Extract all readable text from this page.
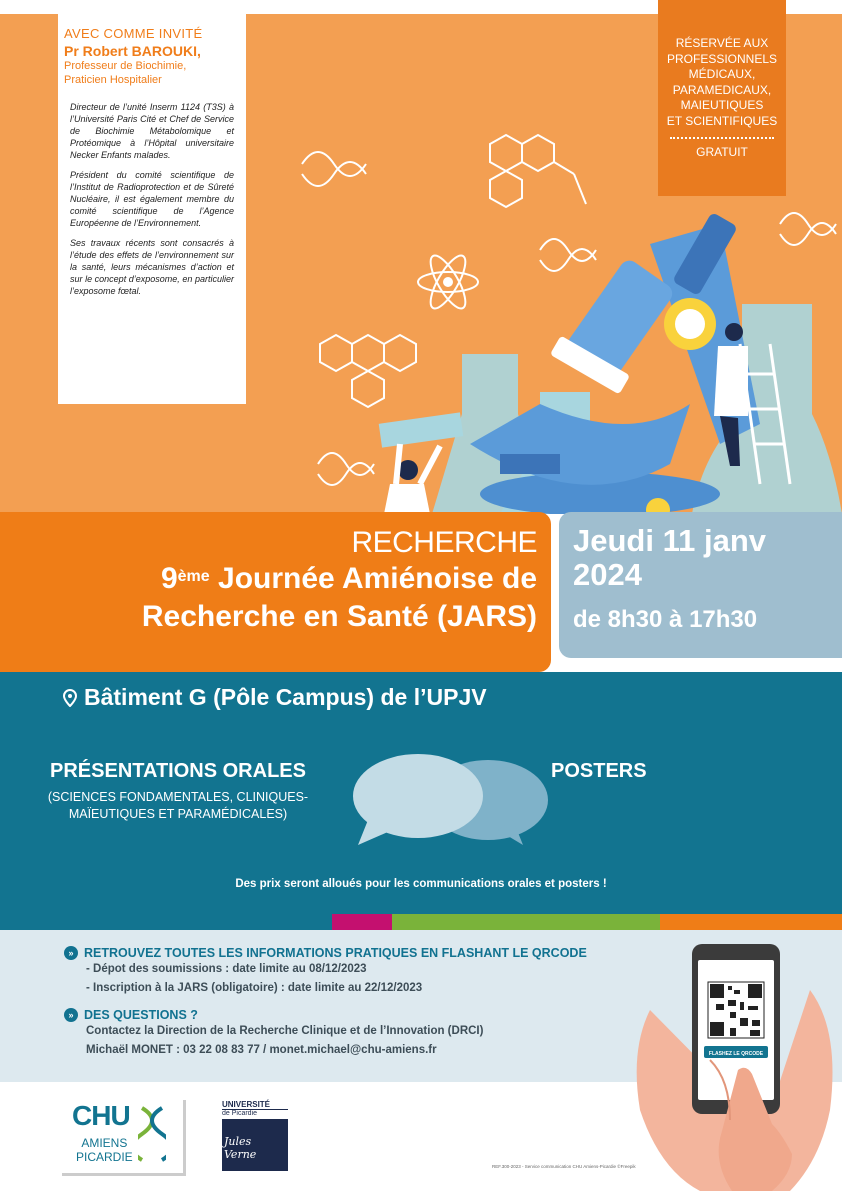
AVEC COMME INVITÉ
Pr Robert BAROUKI,
Professeur de Biochimie,
Praticien Hospitalier

Directeur de l’unité Inserm 1124 (T3S) à l’Université Paris Cité et Chef de Service de Biochimie Métabolomique et Protéomique à l’Hôpital universitaire Necker Enfants malades.

Président du comité scientifique de l’Institut de Radioprotection et de Sûreté Nucléaire, il est également membre du comité scientifique de l’Agence Européenne de l’Environnement.

Ses travaux récents sont consacrés à l’étude des effets de l’environnement sur la santé, leurs mécanismes d’action et sur le concept d’exposome, en particulier l’exposome fœtal.

RÉSERVÉE AUX
PROFESSIONNELS
MÉDICAUX,
PARAMEDICAUX,
MAIEUTIQUES
ET SCIENTIFIQUES
GRATUIT
RECHERCHE
9ème Journée Amiénoise de
Recherche en Santé (JARS)
Jeudi 11 janv
2024
de 8h30 à 17h30
Bâtiment G (Pôle Campus) de l’UPJV
PRÉSENTATIONS ORALES
(SCIENCES FONDAMENTALES, CLINIQUES-
MAÏEUTIQUES ET PARAMÉDICALES)
POSTERS
Des prix seront alloués pour les communications orales et posters !
» RETROUVEZ TOUTES LES INFORMATIONS PRATIQUES EN FLASHANT LE QRCODE
- Dépot des soumissions : date limite au 08/12/2023
- Inscription à la JARS (obligatoire) : date limite au 22/12/2023
» DES QUESTIONS ?
Contactez la Direction de la Recherche Clinique et de l’Innovation (DRCI)
Michaël MONET : 03 22 08 83 77 / monet.michael@chu-amiens.fr
CHU
AMIENS
PICARDIE
UNIVERSITÉ
de Picardie
Jules Verne
FLASHEZ LE QRCODE
REF.300-2023 - Service communication CHU Amiens-Picardie ©Freepik
